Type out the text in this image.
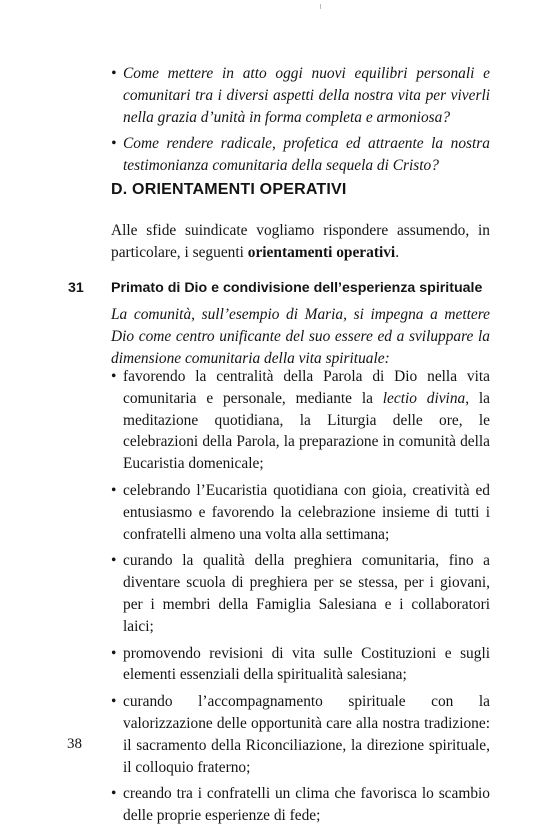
• Come mettere in atto oggi nuovi equilibri personali e comunitari tra i diversi aspetti della nostra vita per viverli nella grazia d’unità in forma completa e armoniosa?
• Come rendere radicale, profetica ed attraente la nostra testimonianza comunitaria della sequela di Cristo?
D. ORIENTAMENTI OPERATIVI
Alle sfide suindicate vogliamo rispondere assumendo, in particolare, i seguenti orientamenti operativi.
31 Primato di Dio e condivisione dell’esperienza spirituale
La comunità, sull’esempio di Maria, si impegna a mettere Dio come centro unificante del suo essere ed a sviluppare la dimensione comunitaria della vita spirituale:
• favorendo la centralità della Parola di Dio nella vita comunitaria e personale, mediante la lectio divina, la meditazione quotidiana, la Liturgia delle ore, le celebrazioni della Parola, la preparazione in comunità della Eucaristia domenicale;
• celebrando l’Eucaristia quotidiana con gioia, creatività ed entusiasmo e favorendo la celebrazione insieme di tutti i confratelli almeno una volta alla settimana;
• curando la qualità della preghiera comunitaria, fino a diventare scuola di preghiera per se stessa, per i giovani, per i membri della Famiglia Salesiana e i collaboratori laici;
• promovendo revisioni di vita sulle Costituzioni e sugli elementi essenziali della spiritualità salesiana;
• curando l’accompagnamento spirituale con la valorizzazione delle opportunità care alla nostra tradizione: il sacramento della Riconciliazione, la direzione spirituale, il colloquio fraterno;
• creando tra i confratelli un clima che favorisca lo scambio delle proprie esperienze di fede;
38
